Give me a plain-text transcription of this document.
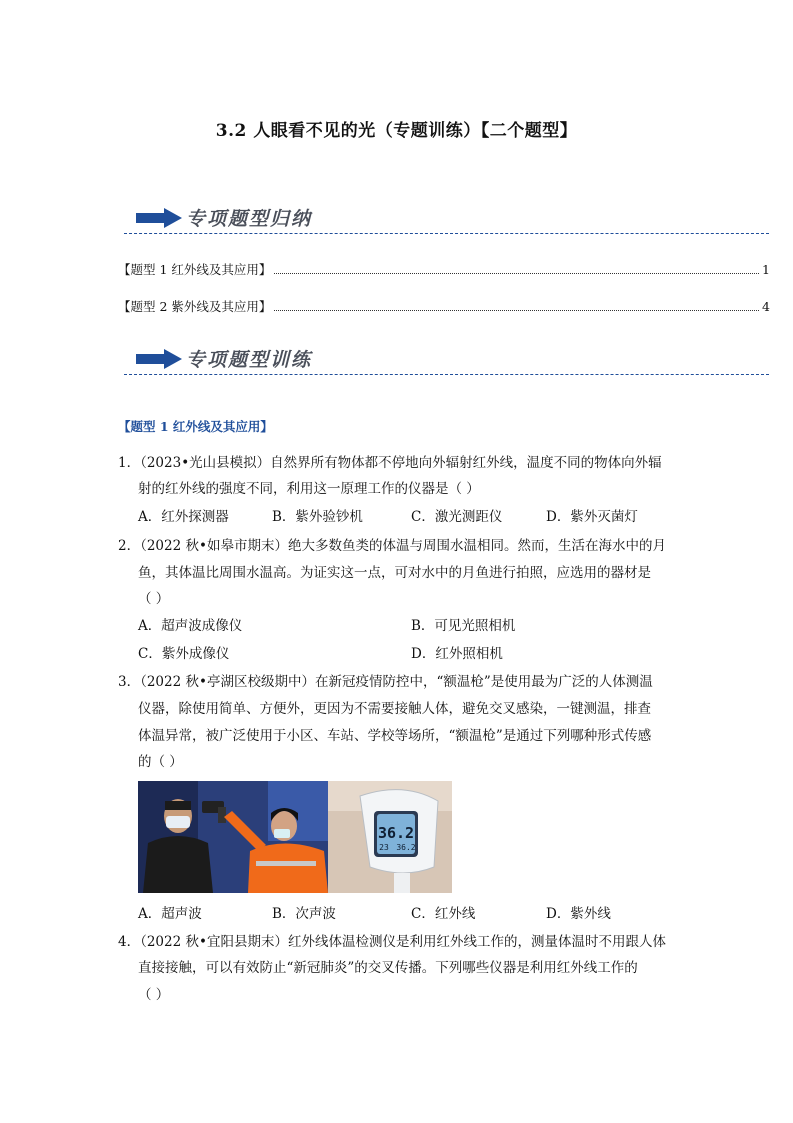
3.2 人眼看不见的光（专题训练）【二个题型】
专项题型归纳
【题型 1 红外线及其应用】	1
【题型 2 紫外线及其应用】	4
专项题型训练
【题型 1 红外线及其应用】
1．（2023•光山县模拟）自然界所有物体都不停地向外辐射红外线，温度不同的物体向外辐
射的红外线的强度不同，利用这一原理工作的仪器是（ ）
A．红外探测器	B．紫外验钞机	C．激光测距仪	D．紫外灭菌灯
2．（2022 秋•如皋市期末）绝大多数鱼类的体温与周围水温相同。然而，生活在海水中的月
鱼，其体温比周围水温高。为证实这一点，可对水中的月鱼进行拍照，应选用的器材是
（ ）
A．超声波成像仪	B．可见光照相机
C．紫外成像仪	D．红外照相机
3．（2022 秋•亭湖区校级期中）在新冠疫情防控中，“额温枪”是使用最为广泛的人体测温
仪器，除使用简单、方便外，更因为不需要接触人体，避免交叉感染，一键测温，排查
体温异常，被广泛使用于小区、车站、学校等场所，“额温枪”是通过下列哪种形式传感
的（ ）
36.2
23 36.2
A．超声波	B．次声波	C．红外线	D．紫外线
4．（2022 秋•宜阳县期末）红外线体温检测仪是利用红外线工作的，测量体温时不用跟人体
直接接触，可以有效防止“新冠肺炎”的交叉传播。下列哪些仪器是利用红外线工作的
（ ）
